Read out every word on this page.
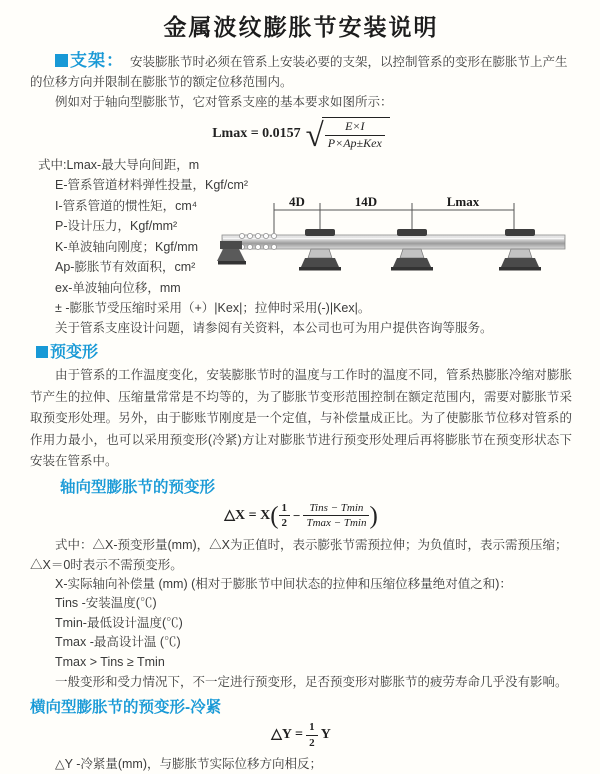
金属波纹膨胀节安装说明

支架： 安装膨胀节时必须在管系上安装必要的支架，以控制管系的变形在膨胀节上产生的位移方向并限制在膨胀节的额定位移范围内。

例如对于轴向型膨胀节，它对管系支座的基本要求如图所示：

Lmax = 0.0157 √ $\frac{E\times I}{\text{P×Ap±Kex}}$

式中:Lmax-最大导向间距，m

E-管系管道材料弹性投量，Kgf/cm²

I-管系管道的惯性矩，cm⁴

P-设计压力，Kgf/mm²

K-单波轴向刚度；Kgf/mm

Ap-膨胀节有效面积，cm²

ex-单波轴向位移，mm

4D	14D	Lmax

± -膨胀节受压缩时采用（+）|Kex|；拉伸时采用(-)|Kex|。

关于管系支座设计问题，请参阅有关资料，本公司也可为用户提供咨询等服务。

预变形

由于管系的工作温度变化，安装膨胀节时的温度与工作时的温度不同，管系热膨胀冷缩对膨胀节产生的拉伸、压缩量常常是不均等的，为了膨胀节变形范围控制在额定范围内，需要对膨胀节采取预变形处理。另外，由于膨账节刚度是一个定值，与补偿量成正比。为了使膨胀节位移对管系的作用力最小，也可以采用预变形(冷紧)方让对膨胀节进行预变形处理后再将膨胀节在预变形状态下安装在管系中。

轴向型膨胀节的预变形
△X = $X( \frac{1}{2} - \frac{\text{Tins − Tmin}}{Tmax - Tmin}$ )

式中：△X-预变形量(mm)，△X为正值时，表示膨张节需预拉伸；为负值时，表示需预压缩；△X＝0时表示不需预变形。

X-实际轴向补偿量 (mm) (相对于膨胀节中间状态的拉伸和压缩位移量绝对值之和)：

Tins -安装温度(℃)

Tmin-最低设计温度(℃)

Tmax -最高设计温 (℃)

Tmax > Tins ≥ Tmin

一般变形和受力情况下，不一定进行预变形，足否预变形对膨胀节的疲劳寿命几乎没有影响。

横向型膨胀节的预变形-冷紧
△Y = $\frac{1}{2}$ Y

△Y -冷紧量(mm)，与膨胀节实际位移方向相反；
